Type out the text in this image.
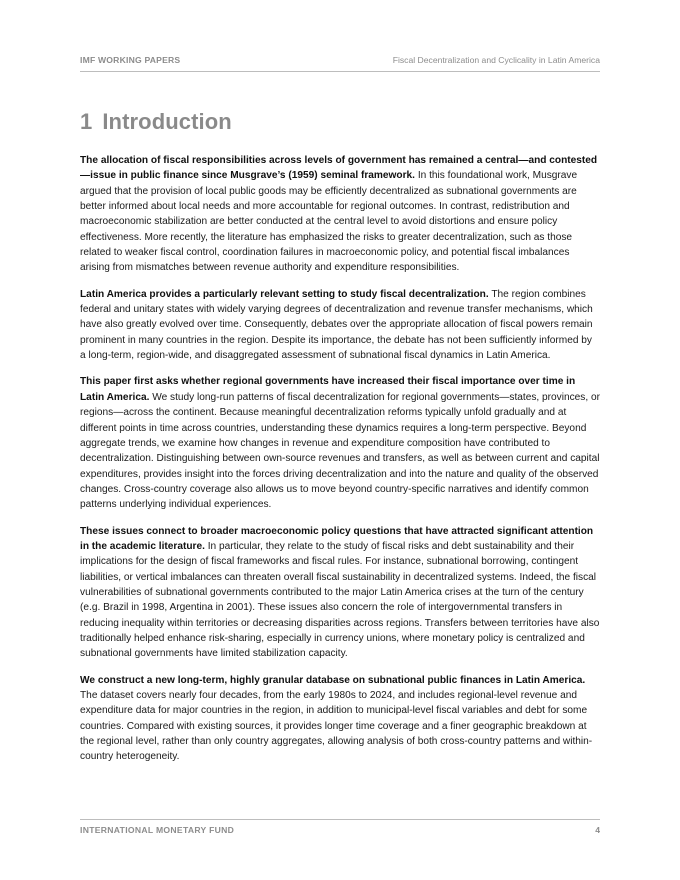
IMF WORKING PAPERS	Fiscal Decentralization and Cyclicality in Latin America
1 Introduction

The allocation of fiscal responsibilities across levels of government has remained a central—and contested—issue in public finance since Musgrave’s (1959) seminal framework. In this foundational work, Musgrave argued that the provision of local public goods may be efficiently decentralized as subnational governments are better informed about local needs and more accountable for regional outcomes. In contrast, redistribution and macroeconomic stabilization are better conducted at the central level to avoid distortions and ensure policy effectiveness. More recently, the literature has emphasized the risks to greater decentralization, such as those related to weaker fiscal control, coordination failures in macroeconomic policy, and potential fiscal imbalances arising from mismatches between revenue authority and expenditure responsibilities.

Latin America provides a particularly relevant setting to study fiscal decentralization. The region combines federal and unitary states with widely varying degrees of decentralization and revenue transfer mechanisms, which have also greatly evolved over time. Consequently, debates over the appropriate allocation of fiscal powers remain prominent in many countries in the region. Despite its importance, the debate has not been sufficiently informed by a long-term, region-wide, and disaggregated assessment of subnational fiscal dynamics in Latin America.

This paper first asks whether regional governments have increased their fiscal importance over time in Latin America. We study long-run patterns of fiscal decentralization for regional governments—states, provinces, or regions—across the continent. Because meaningful decentralization reforms typically unfold gradually and at different points in time across countries, understanding these dynamics requires a long-term perspective. Beyond aggregate trends, we examine how changes in revenue and expenditure composition have contributed to decentralization. Distinguishing between own-source revenues and transfers, as well as between current and capital expenditures, provides insight into the forces driving decentralization and into the nature and quality of the observed changes. Cross-country coverage also allows us to move beyond country-specific narratives and identify common patterns underlying individual experiences.

These issues connect to broader macroeconomic policy questions that have attracted significant attention in the academic literature. In particular, they relate to the study of fiscal risks and debt sustainability and their implications for the design of fiscal frameworks and fiscal rules. For instance, subnational borrowing, contingent liabilities, or vertical imbalances can threaten overall fiscal sustainability in decentralized systems. Indeed, the fiscal vulnerabilities of subnational governments contributed to the major Latin America crises at the turn of the century (e.g. Brazil in 1998, Argentina in 2001). These issues also concern the role of intergovernmental transfers in reducing inequality within territories or decreasing disparities across regions. Transfers between territories have also traditionally helped enhance risk-sharing, especially in currency unions, where monetary policy is centralized and subnational governments have limited stabilization capacity.

We construct a new long-term, highly granular database on subnational public finances in Latin America. The dataset covers nearly four decades, from the early 1980s to 2024, and includes regional-level revenue and expenditure data for major countries in the region, in addition to municipal-level fiscal variables and debt for some countries. Compared with existing sources, it provides longer time coverage and a finer geographic breakdown at the regional level, rather than only country aggregates, allowing analysis of both cross-country patterns and within-country heterogeneity.

INTERNATIONAL MONETARY FUND	4
